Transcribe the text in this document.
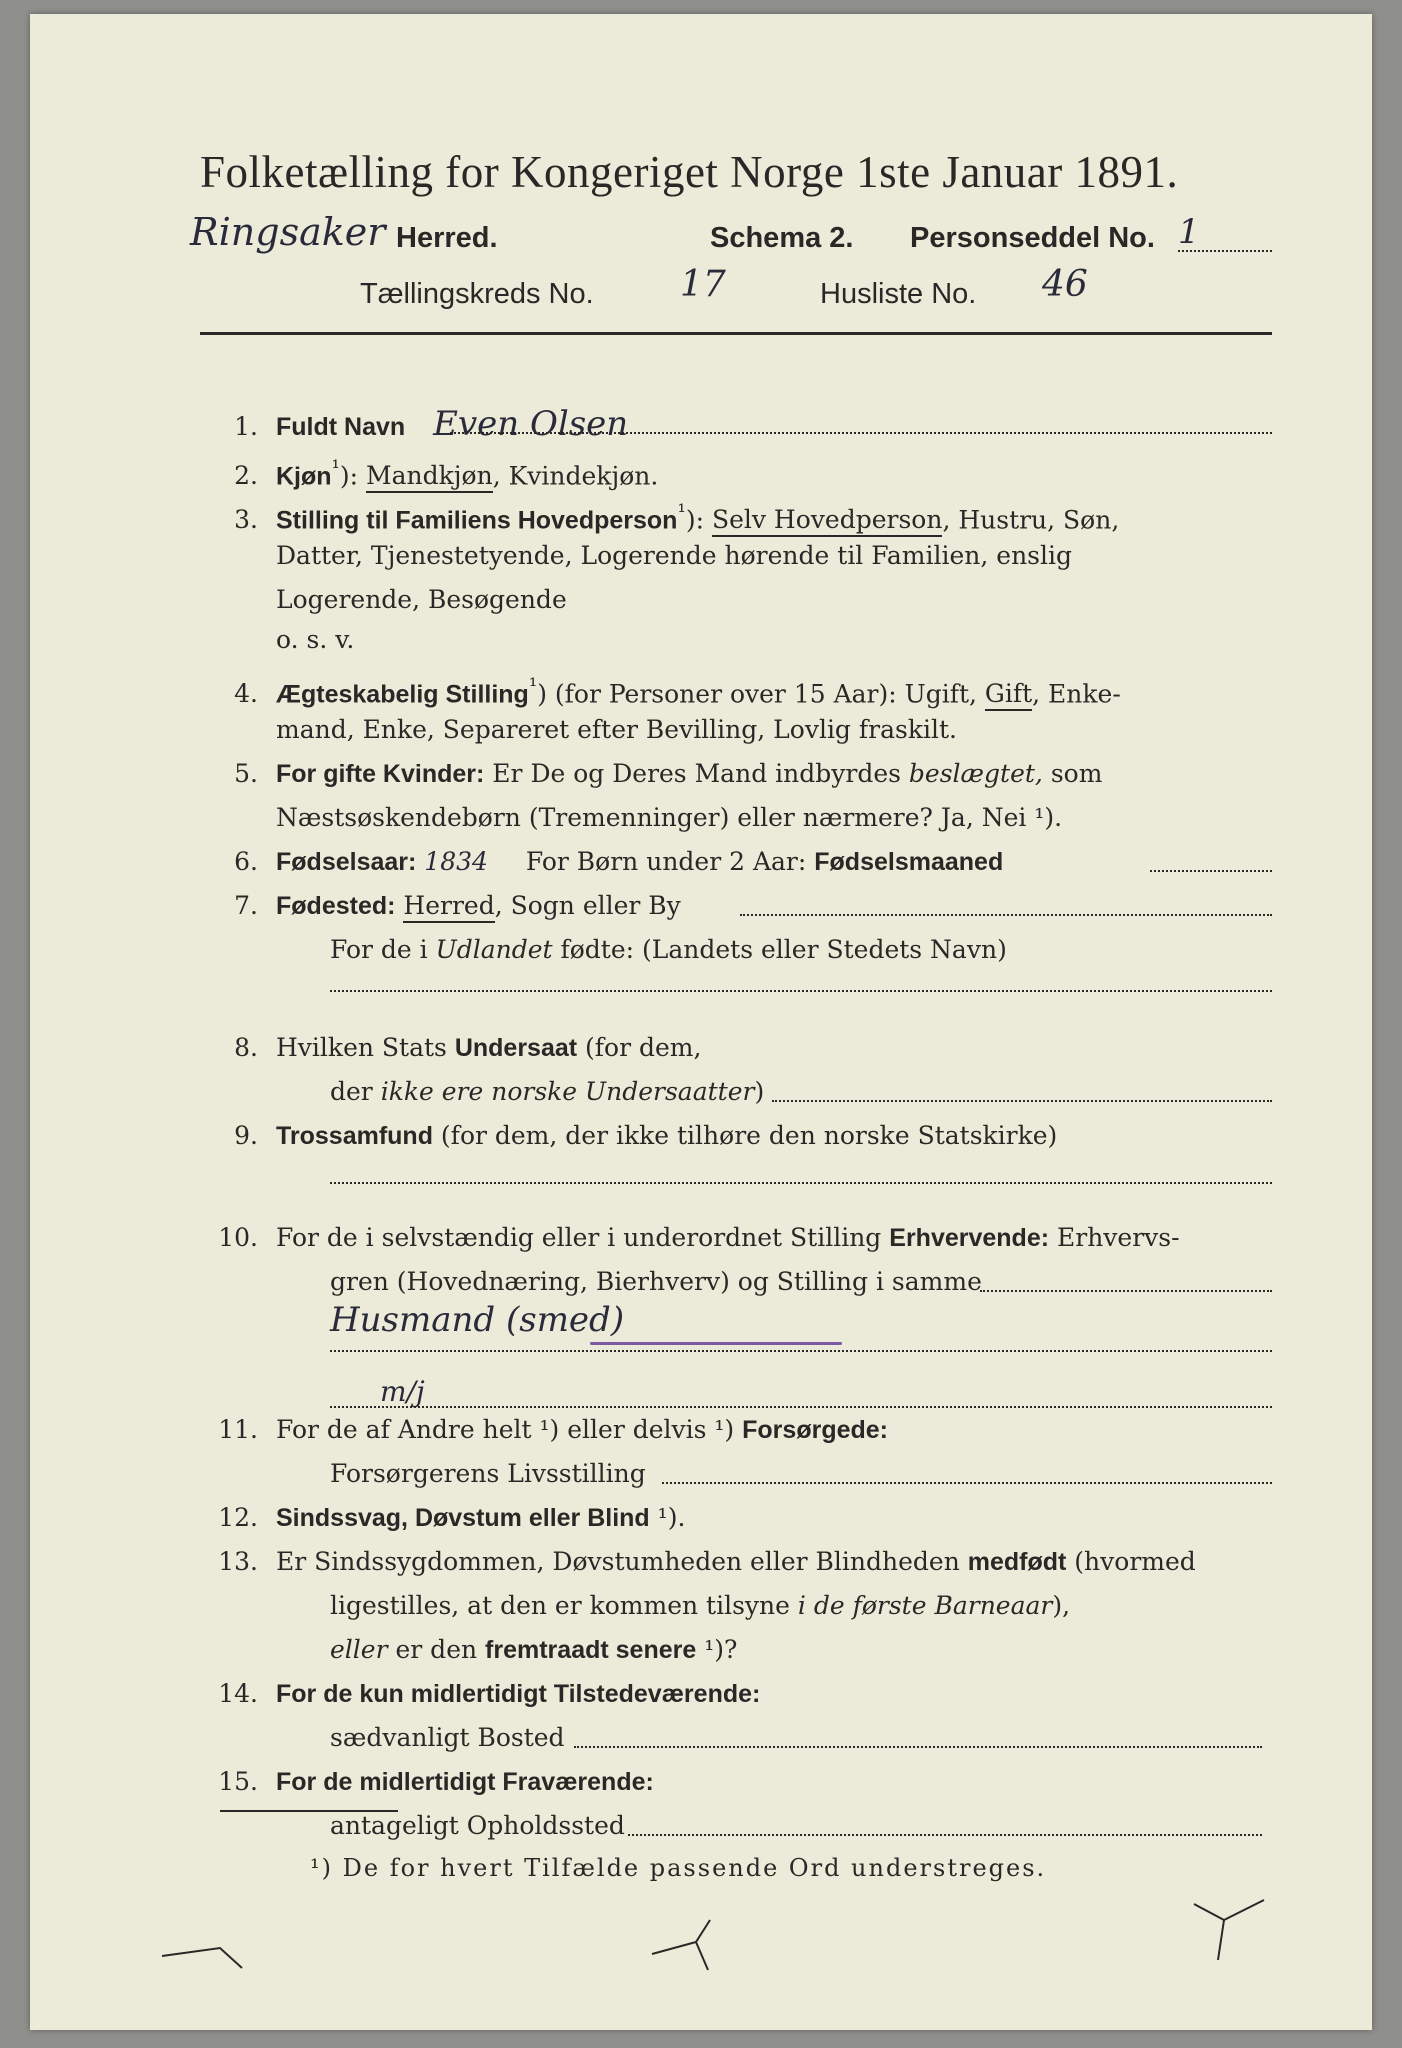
Folketælling for Kongeriget Norge 1ste Januar 1891.
Ringsaker Herred.	Schema 2. Personseddel No. 1
Tællingskreds No. 17	Husliste No. 46
1. Fuldt Navn Even Olsen
2. Kjøn$^{^1}$): Mandkjøn, Kvindekjøn.
3. Stilling til Familiens Hovedperson$^{^1}$): Selv Hovedperson, Hustru, Søn,
Datter, Tjenestetyende, Logerende hørende til Familien, enslig
Logerende, Besøgende
o. s. v.
4. Ægteskabelig Stilling$^{^1}$) (for Personer over 15 Aar): Ugift, Gift, Enke-
mand, Enke, Separeret efter Bevilling, Lovlig fraskilt.
5. For gifte Kvinder: Er De og Deres Mand indbyrdes beslægtet, som
Næstsøskendebørn (Tremenninger) eller nærmere? Ja, Nei ¹).
6. Fødselsaar: 1834 For Børn under 2 Aar: Fødselsmaaned
7. Fødested: Herred, Sogn eller By
For de i Udlandet fødte: (Landets eller Stedets Navn)
8. Hvilken Stats Undersaat (for dem,
der ikke ere norske Undersaatter)
9. Trossamfund (for dem, der ikke tilhøre den norske Statskirke)
10. For de i selvstændig eller i underordnet Stilling Erhvervende: Erhvervs-
gren (Hovednæring, Bierhverv) og Stilling i samme
Husmand (smed)
m/j
11. For de af Andre helt ¹) eller delvis ¹) Forsørgede:
Forsørgerens Livsstilling
12. Sindssvag, Døvstum eller Blind ¹).
13. Er Sindssygdommen, Døvstumheden eller Blindheden medfødt (hvormed
ligestilles, at den er kommen tilsyne i de første Barneaar),
eller er den fremtraadt senere ¹)?
14. For de kun midlertidigt Tilstedeværende:
sædvanligt Bosted
15. For de midlertidigt Fraværende:
antageligt Opholdssted
¹) De for hvert Tilfælde passende Ord understreges.
